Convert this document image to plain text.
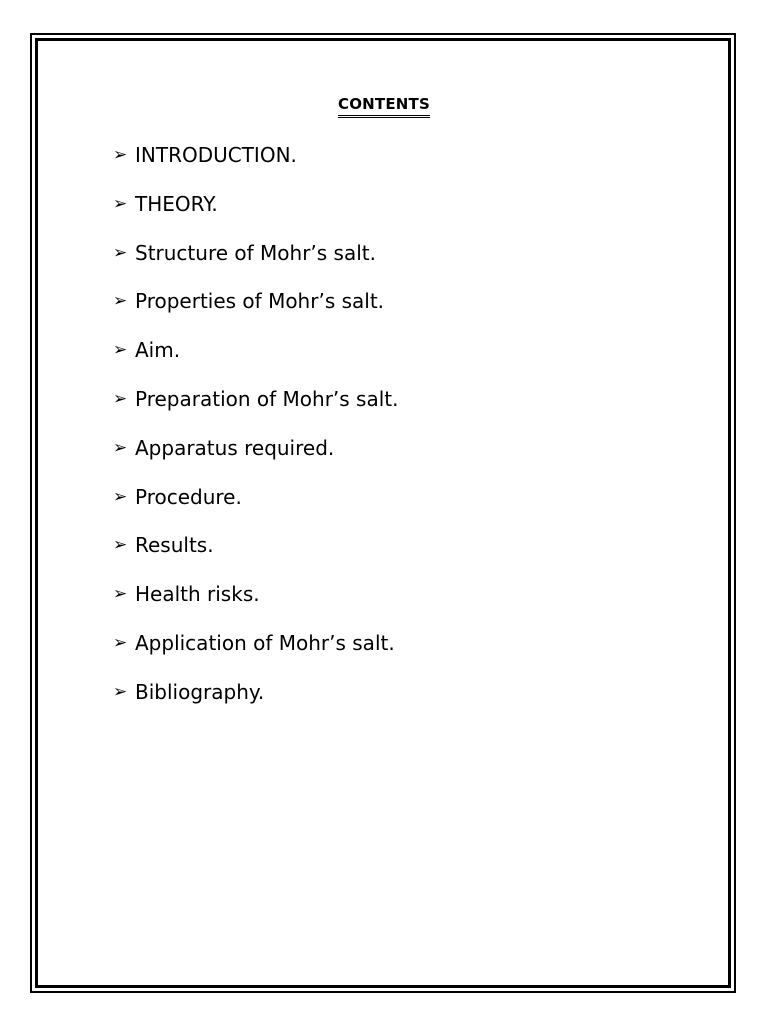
CONTENTS
➢ INTRODUCTION.
➢ THEORY.
➢ Structure of Mohr’s salt.
➢ Properties of Mohr’s salt.
➢ Aim.
➢ Preparation of Mohr’s salt.
➢ Apparatus required.
➢ Procedure.
➢ Results.
➢ Health risks.
➢ Application of Mohr’s salt.
➢ Bibliography.
